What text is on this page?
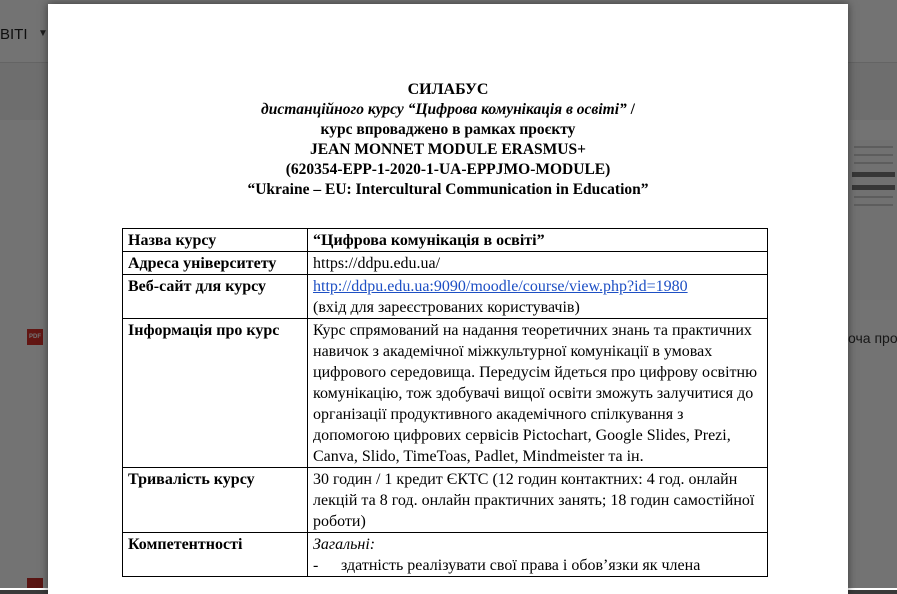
СИЛАБУС
дистанційного курсу “Цифрова комунікація в освіті” /
курс впроваджено в рамках проєкту
JEAN MONNET MODULE ERASMUS+
(620354-EPP-1-2020-1-UA-EPPJMO-MODULE)
“Ukraine – EU: Intercultural Communication in Education”
Назва курсу	“Цифрова комунікація в освіті”
Адреса університету	https://ddpu.edu.ua/
Веб-сайт для курсу	http://ddpu.edu.ua:9090/moodle/course/view.php?id=1980
(вхід для зареєстрованих користувачів)
Інформація про курс	Курс спрямований на надання теоретичних знань та практичних навичок з академічної міжкультурної комунікації в умовах цифрового середовища. Передусім йдеться про цифрову освітню комунікацію, тож здобувачі вищої освіти зможуть залучитися до організації продуктивного академічного спілкування з допомогою цифрових сервісів Pictochart, Google Slides, Prezi, Canva, Slido, TimeToas, Padlet, Mindmeister та ін.
Тривалість курсу	30 годин / 1 кредит ЄКТС (12 годин контактних: 4 год. онлайн лекцій та 8 год. онлайн практичних занять; 18 годин самостійної роботи)
Компетентності	Загальні:
- здатність реалізувати свої права і обов’язки як члена
